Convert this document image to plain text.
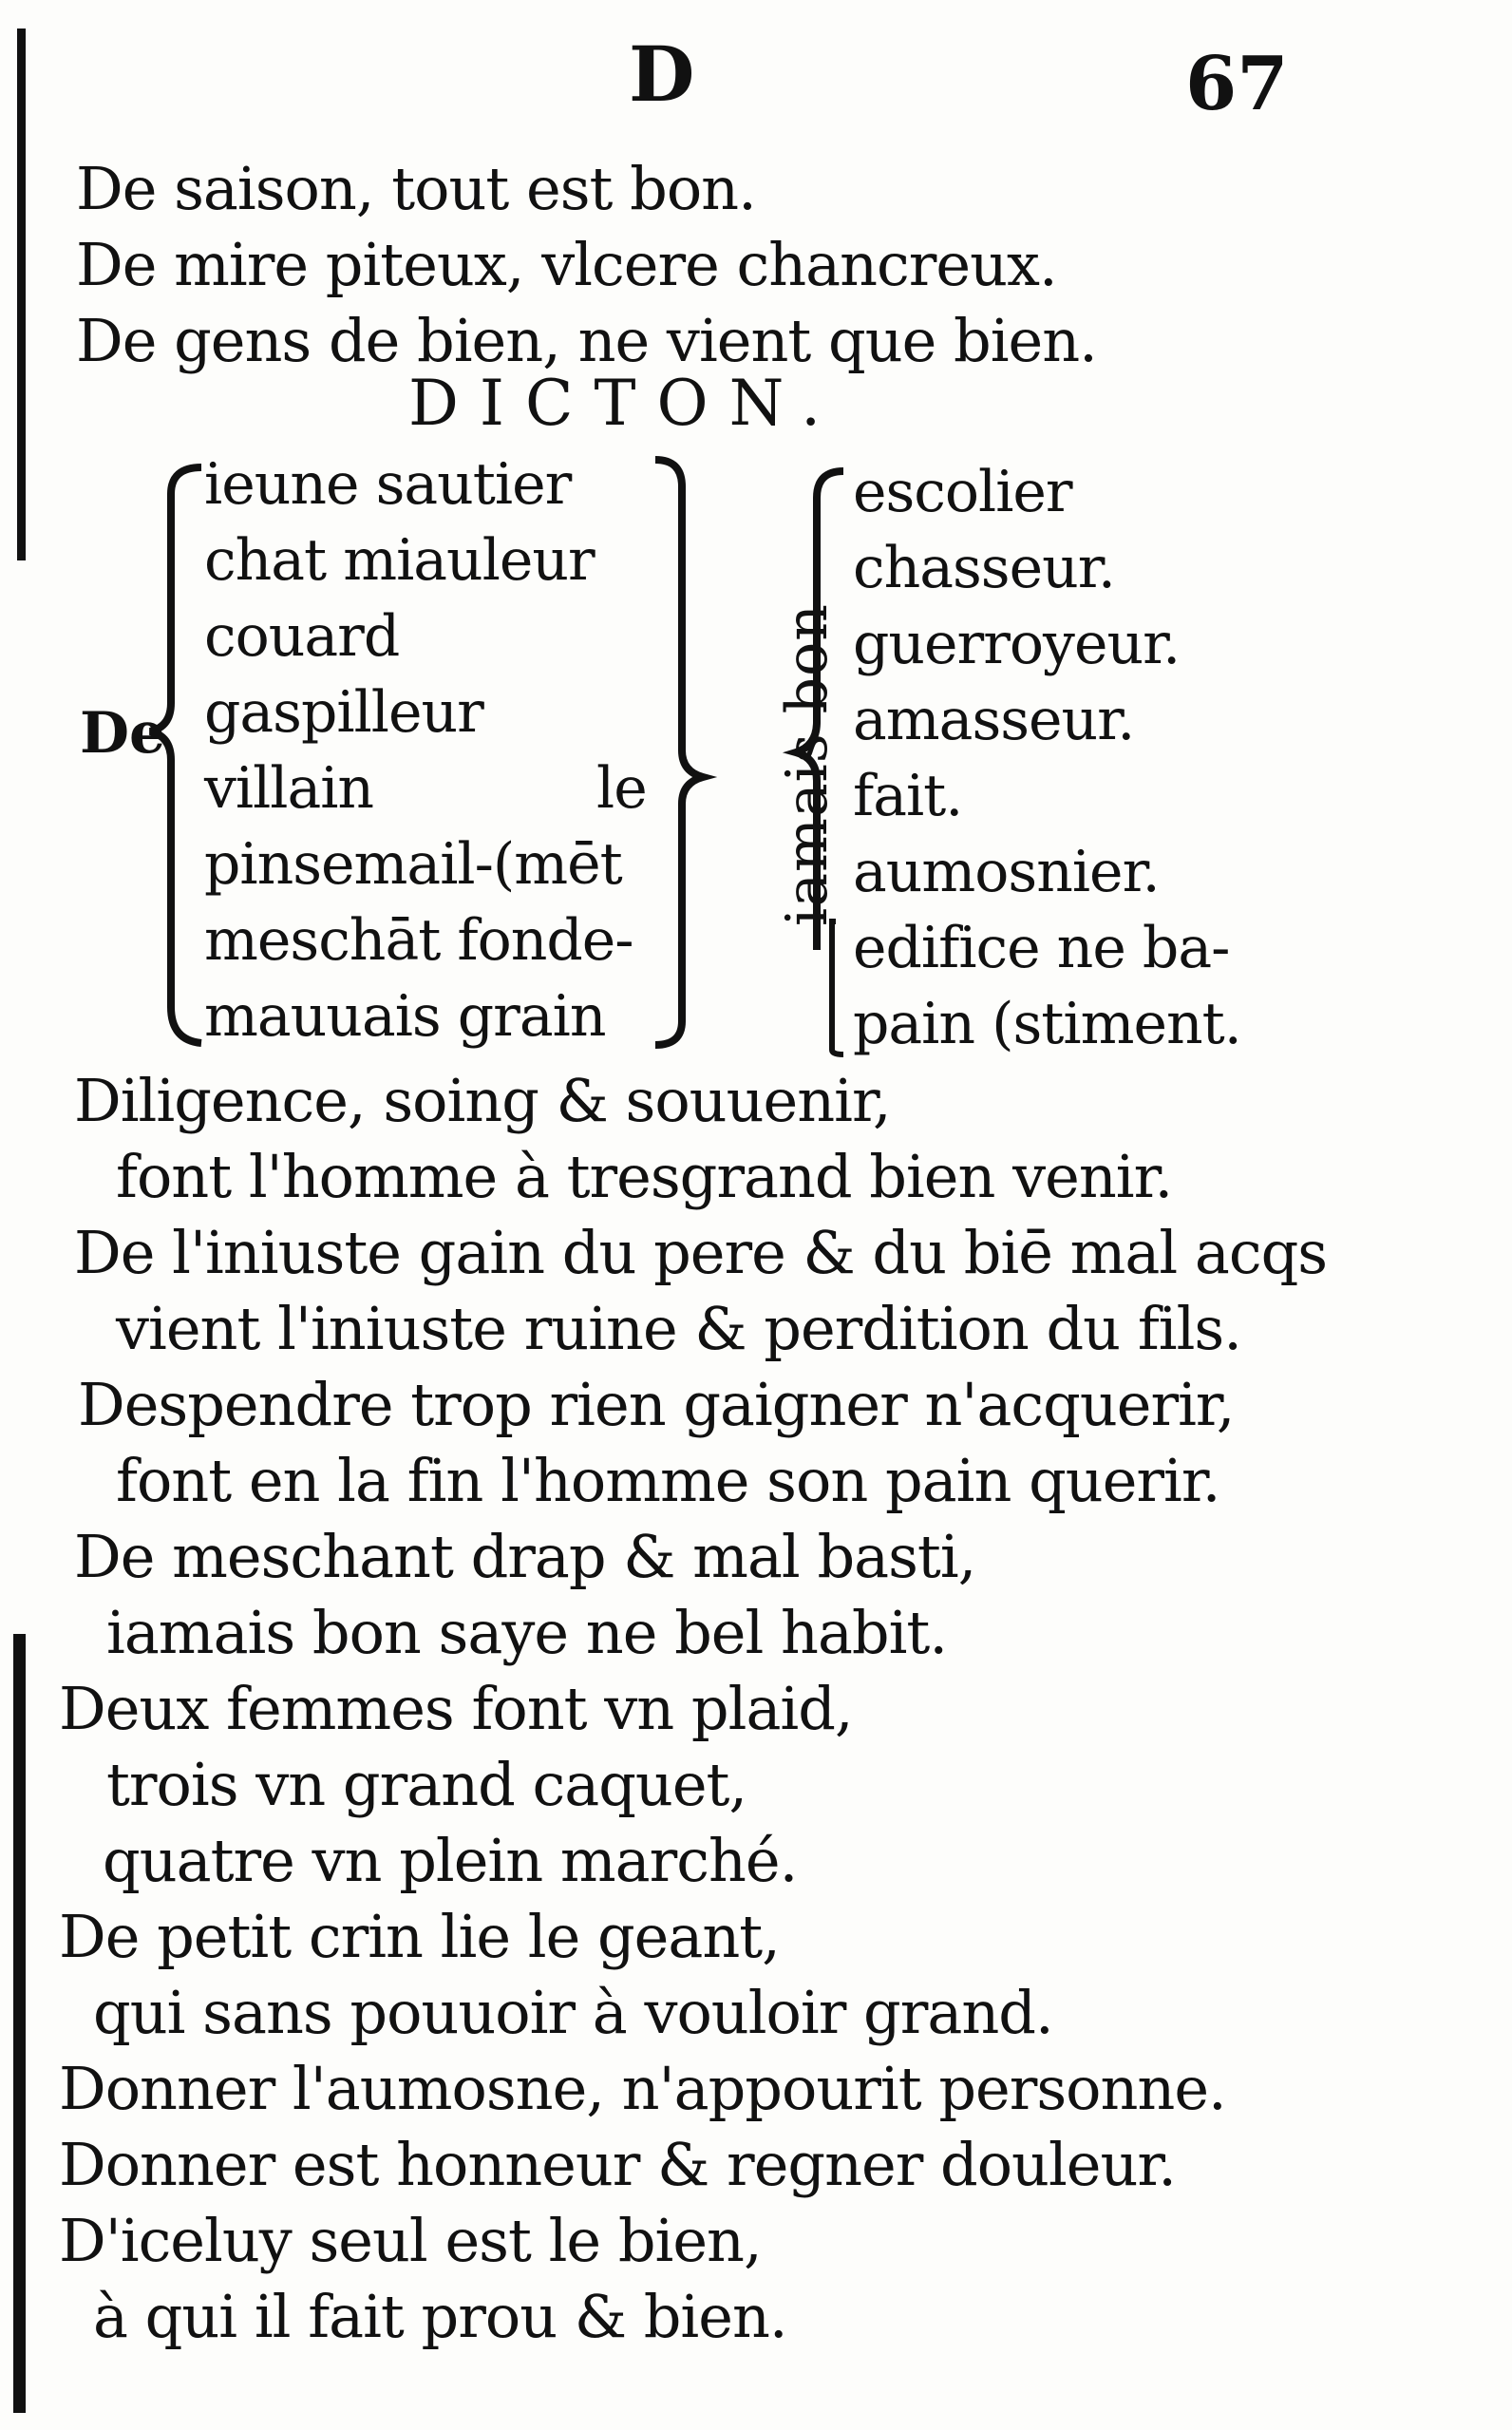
D	67
De saison, tout est bon.
De mire piteux, vlcere chancreux.
De gens de bien, ne vient que bien.
DICTON.
De
ieune sautier
chat miauleur
couard
gaspilleur
villain	le
pinsemail-(mēt
meschāt fonde-
mauuais grain
iamais bon
escolier
chasseur.
guerroyeur.
amasseur.
fait.
aumosnier.
edifice ne ba-
pain (stiment.
Diligence, soing & souuenir,
font l'homme à tresgrand bien venir.
De l'iniuste gain du pere & du biē mal acqs
vient l'iniuste ruine & perdition du fils.
Despendre trop rien gaigner n'acquerir,
font en la fin l'homme son pain querir.
De meschant drap & mal basti,
iamais bon saye ne bel habit.
Deux femmes font vn plaid,
trois vn grand caquet,
quatre vn plein marché.
De petit crin lie le geant,
qui sans pouuoir à vouloir grand.
Donner l'aumosne, n'appourit personne.
Donner est honneur & regner douleur.
D'iceluy seul est le bien,
à qui il fait prou & bien.
